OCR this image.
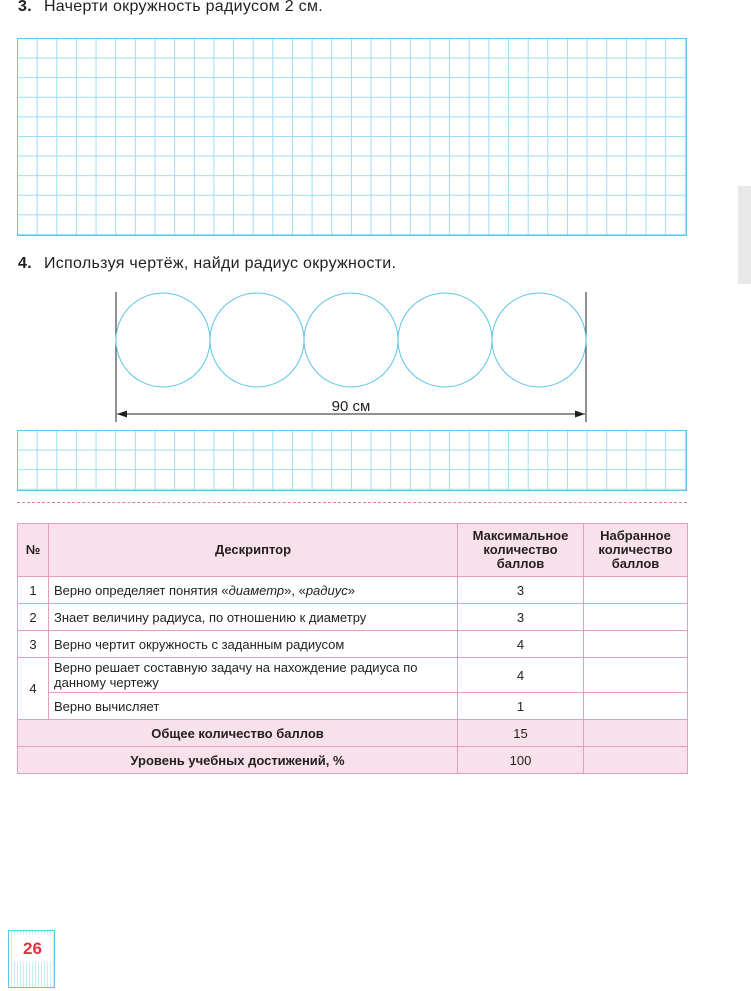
3. Начерти окружность радиусом 2 см.
4. Используя чертёж, найди радиус окружности.
90 см
№	Дескриптор	Максимальное
количество
баллов	Набранное
количество
баллов
1	Верно определяет понятия «диаметр», «радиус»	3	
2	Знает величину радиуса, по отношению к диаметру	3	
3	Верно чертит окружность с заданным радиусом	4	
4	Верно решает составную задачу на нахождение радиуса по данному чертежу	4	
	Верно вычисляет	1	
Общее количество баллов		15	
Уровень учебных достижений, %		100	
26
